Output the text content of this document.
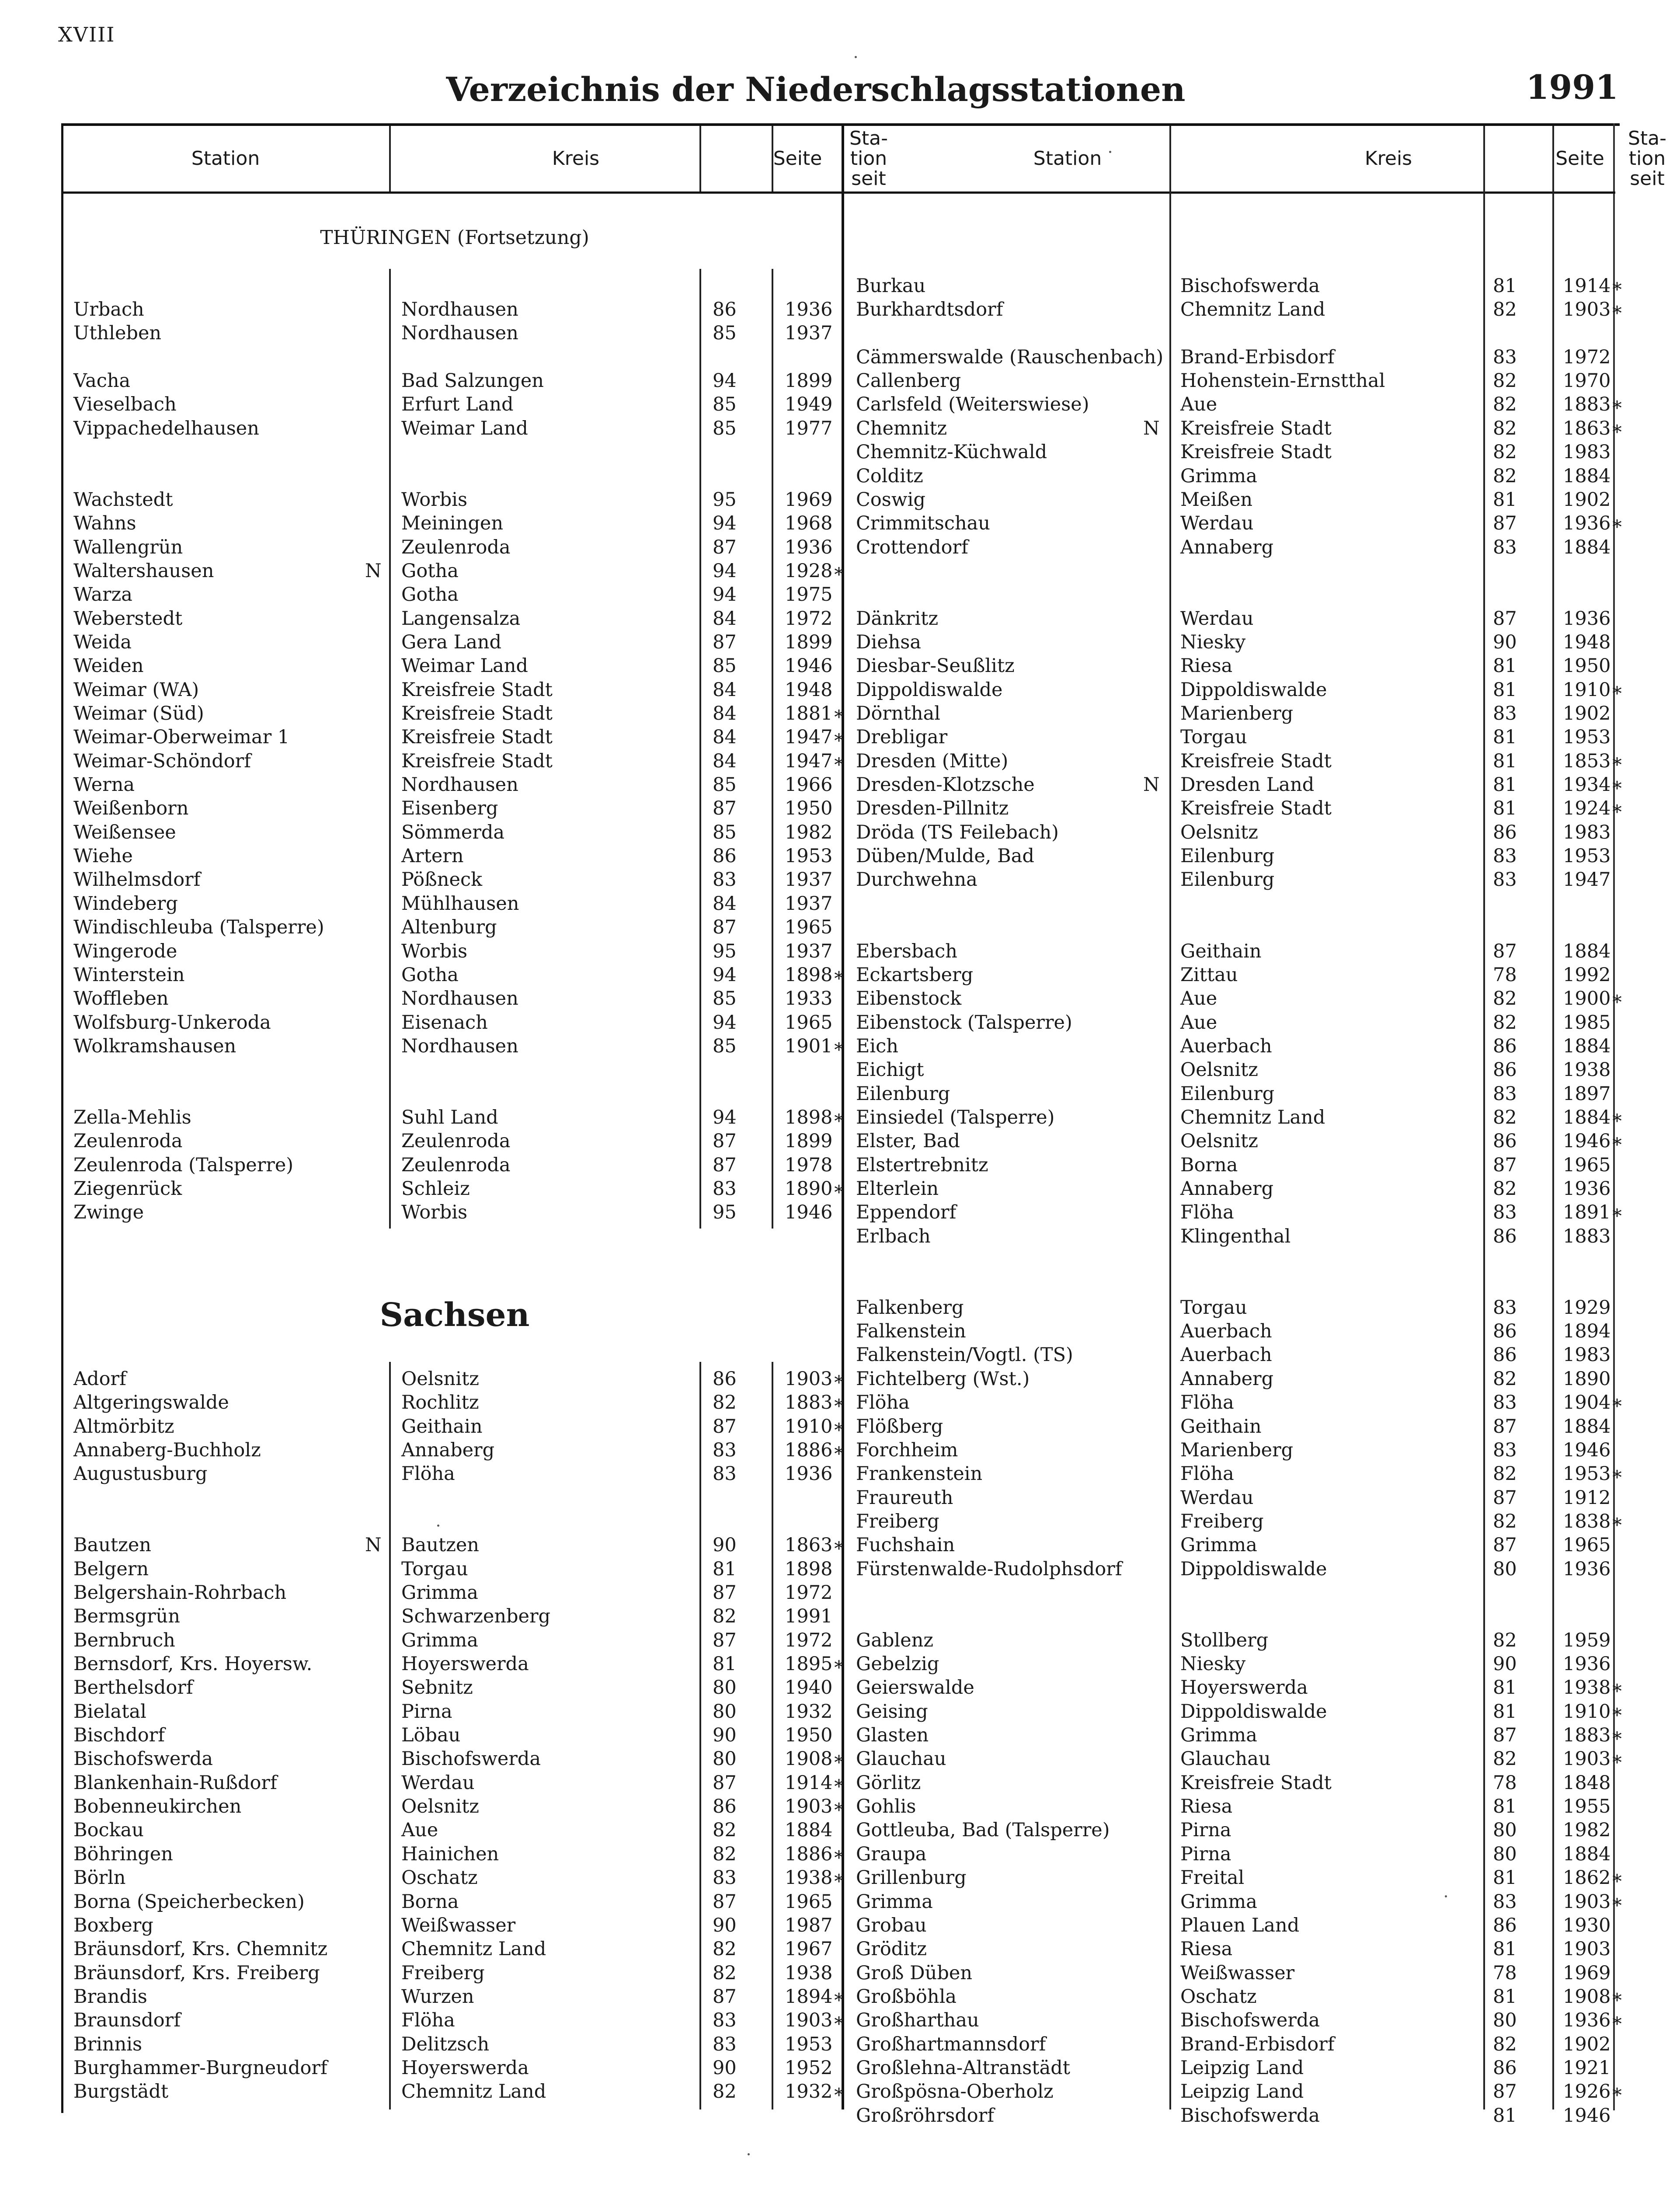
XVIII
Verzeichnis der Niederschlagsstationen	1991
Station	Kreis	Seite
Sta-
tion
seit
Station	Kreis	Seite
Sta-
tion
seit
THÜRINGEN (Fortsetzung)
Sachsen
Urbach	Nordhausen	86	1936
Uthleben	Nordhausen	85	1937
Vacha	Bad Salzungen	94	1899
Vieselbach	Erfurt Land	85	1949
Vippachedelhausen	Weimar Land	85	1977
Wachstedt	Worbis	95	1969
Wahns	Meiningen	94	1968
Wallengrün	Zeulenroda	87	1936
Waltershausen	N Gotha	94	1928∗
Warza	Gotha	94	1975
Weberstedt	Langensalza	84	1972
Weida	Gera Land	87	1899
Weiden	Weimar Land	85	1946
Weimar (WA)	Kreisfreie Stadt	84	1948
Weimar (Süd)	Kreisfreie Stadt	84	1881∗
Weimar-Oberweimar 1	Kreisfreie Stadt	84	1947∗
Weimar-Schöndorf	Kreisfreie Stadt	84	1947∗
Werna	Nordhausen	85	1966
Weißenborn	Eisenberg	87	1950
Weißensee	Sömmerda	85	1982
Wiehe	Artern	86	1953
Wilhelmsdorf	Pößneck	83	1937
Windeberg	Mühlhausen	84	1937
Windischleuba (Talsperre)	Altenburg	87	1965
Wingerode	Worbis	95	1937
Winterstein	Gotha	94	1898∗
Woffleben	Nordhausen	85	1933
Wolfsburg-Unkeroda	Eisenach	94	1965
Wolkramshausen	Nordhausen	85	1901∗
Zella-Mehlis	Suhl Land	94	1898∗
Zeulenroda	Zeulenroda	87	1899
Zeulenroda (Talsperre)	Zeulenroda	87	1978
Ziegenrück	Schleiz	83	1890∗
Zwinge	Worbis	95	1946
Adorf	Oelsnitz	86	1903∗
Altgeringswalde	Rochlitz	82	1883∗
Altmörbitz	Geithain	87	1910∗
Annaberg-Buchholz	Annaberg	83	1886∗
Augustusburg	Flöha	83	1936
Bautzen	N Bautzen	90	1863∗
Belgern	Torgau	81	1898
Belgershain-Rohrbach	Grimma	87	1972
Bermsgrün	Schwarzenberg	82	1991
Bernbruch	Grimma	87	1972
Bernsdorf, Krs. Hoyersw.	Hoyerswerda	81	1895∗
Berthelsdorf	Sebnitz	80	1940
Bielatal	Pirna	80	1932
Bischdorf	Löbau	90	1950
Bischofswerda	Bischofswerda	80	1908∗
Blankenhain-Rußdorf	Werdau	87	1914∗
Bobenneukirchen	Oelsnitz	86	1903∗
Bockau	Aue	82	1884
Böhringen	Hainichen	82	1886∗
Börln	Oschatz	83	1938∗
Borna (Speicherbecken)	Borna	87	1965
Boxberg	Weißwasser	90	1987
Bräunsdorf, Krs. Chemnitz	Chemnitz Land	82	1967
Bräunsdorf, Krs. Freiberg	Freiberg	82	1938
Brandis	Wurzen	87	1894∗
Braunsdorf	Flöha	83	1903∗
Brinnis	Delitzsch	83	1953
Burghammer-Burgneudorf	Hoyerswerda	90	1952
Burgstädt	Chemnitz Land	82	1932∗
Burkau	Bischofswerda	81 1914∗
Burkhardtsdorf	Chemnitz Land	82 1903∗
Cämmerswalde (Rauschenbach) Brand-Erbisdorf	83 1972
Callenberg	Hohenstein-Ernstthal	82 1970
Carlsfeld (Weiterswiese)	Aue	82 1883∗
Chemnitz	N Kreisfreie Stadt	82 1863∗
Chemnitz-Küchwald	Kreisfreie Stadt	82 1983
Colditz	Grimma	82 1884
Coswig	Meißen	81 1902
Crimmitschau	Werdau	87 1936∗
Crottendorf	Annaberg	83 1884
Dänkritz	Werdau	87 1936
Diehsa	Niesky	90 1948
Diesbar-Seußlitz	Riesa	81 1950
Dippoldiswalde	Dippoldiswalde	81 1910∗
Dörnthal	Marienberg	83 1902
Drebligar	Torgau	81 1953
Dresden (Mitte)	Kreisfreie Stadt	81 1853∗
Dresden-Klotzsche	N Dresden Land	81 1934∗
Dresden-Pillnitz	Kreisfreie Stadt	81 1924∗
Dröda (TS Feilebach)	Oelsnitz	86 1983
Düben/Mulde, Bad	Eilenburg	83 1953
Durchwehna	Eilenburg	83 1947
Ebersbach	Geithain	87 1884
Eckartsberg	Zittau	78 1992
Eibenstock	Aue	82 1900∗
Eibenstock (Talsperre)	Aue	82 1985
Eich	Auerbach	86 1884
Eichigt	Oelsnitz	86 1938
Eilenburg	Eilenburg	83 1897
Einsiedel (Talsperre)	Chemnitz Land	82 1884∗
Elster, Bad	Oelsnitz	86 1946∗
Elstertrebnitz	Borna	87 1965
Elterlein	Annaberg	82 1936
Eppendorf	Flöha	83 1891∗
Erlbach	Klingenthal	86 1883
Falkenberg	Torgau	83 1929
Falkenstein	Auerbach	86 1894
Falkenstein/Vogtl. (TS)	Auerbach	86 1983
Fichtelberg (Wst.)	Annaberg	82 1890
Flöha	Flöha	83 1904∗
Flößberg	Geithain	87 1884
Forchheim	Marienberg	83 1946
Frankenstein	Flöha	82 1953∗
Fraureuth	Werdau	87 1912
Freiberg	Freiberg	82 1838∗
Fuchshain	Grimma	87 1965
Fürstenwalde-Rudolphsdorf	Dippoldiswalde	80 1936
Gablenz	Stollberg	82 1959
Gebelzig	Niesky	90 1936
Geierswalde	Hoyerswerda	81 1938∗
Geising	Dippoldiswalde	81 1910∗
Glasten	Grimma	87 1883∗
Glauchau	Glauchau	82 1903∗
Görlitz	Kreisfreie Stadt	78 1848
Gohlis	Riesa	81 1955
Gottleuba, Bad (Talsperre)	Pirna	80 1982
Graupa	Pirna	80 1884
Grillenburg	Freital	81 1862∗
Grimma	Grimma	83 1903∗
Grobau	Plauen Land	86 1930
Gröditz	Riesa	81 1903
Groß Düben	Weißwasser	78 1969
Großböhla	Oschatz	81 1908∗
Großharthau	Bischofswerda	80 1936∗
Großhartmannsdorf	Brand-Erbisdorf	82 1902
Großlehna-Altranstädt	Leipzig Land	86 1921
Großpösna-Oberholz	Leipzig Land	87 1926∗
Großröhrsdorf	Bischofswerda	81 1946
